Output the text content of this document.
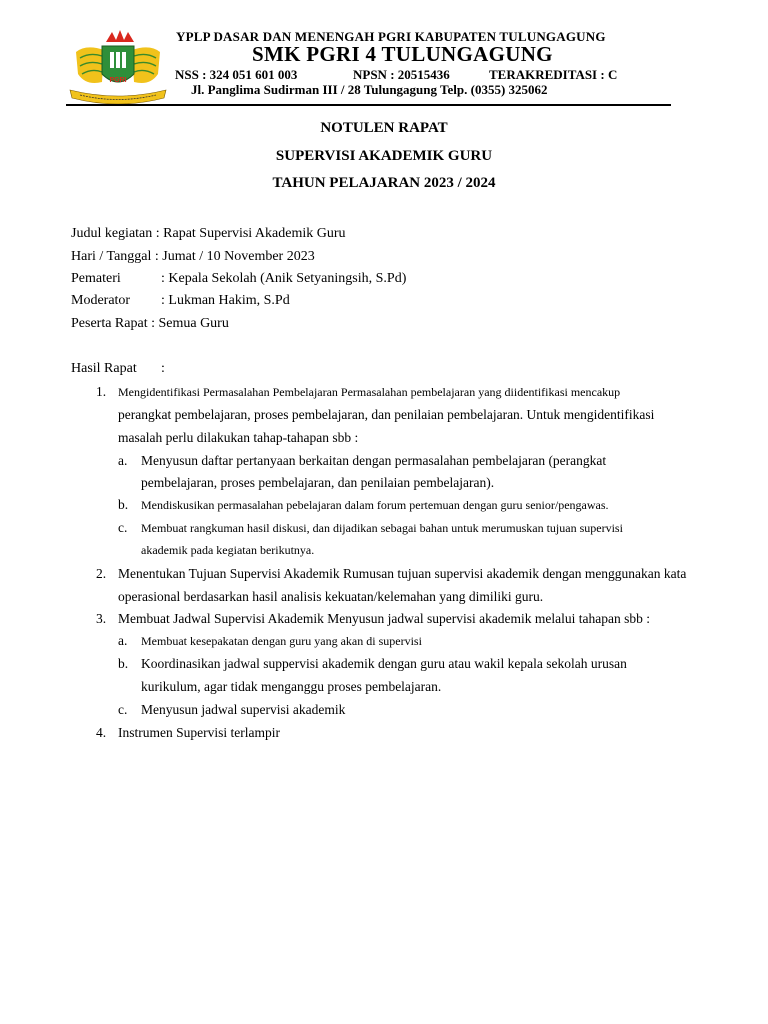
PGRI
YPLP DASAR DAN MENENGAH PGRI KABUPATEN TULUNGAGUNG
SMK PGRI 4 TULUNGAGUNG
NSS : 324 051 601 003	NPSN : 20515436	TERAKREDITASI : C
Jl. Panglima Sudirman III / 28 Tulungagung Telp. (0355) 325062
NOTULEN RAPAT
SUPERVISI AKADEMIK GURU
TAHUN PELAJARAN 2023 / 2024
Judul kegiatan : Rapat Supervisi Akademik Guru
Hari / Tanggal : Jumat / 10 November 2023
Pemateri	: Kepala Sekolah (Anik Setyaningsih, S.Pd)
Moderator : Lukman Hakim, S.Pd
Peserta Rapat : Semua Guru
Hasil Rapat :
1. Mengidentifikasi Permasalahan Pembelajaran Permasalahan pembelajaran yang diidentifikasi mencakup
perangkat pembelajaran, proses pembelajaran, dan penilaian pembelajaran. Untuk mengidentifikasi
masalah perlu dilakukan tahap-tahapan sbb :
a. Menyusun daftar pertanyaan berkaitan dengan permasalahan pembelajaran (perangkat
pembelajaran, proses pembelajaran, dan penilaian pembelajaran).
b. Mendiskusikan permasalahan pebelajaran dalam forum pertemuan dengan guru senior/pengawas.
c. Membuat rangkuman hasil diskusi, dan dijadikan sebagai bahan untuk merumuskan tujuan supervisi
akademik pada kegiatan berikutnya.
2. Menentukan Tujuan Supervisi Akademik Rumusan tujuan supervisi akademik dengan menggunakan kata
operasional berdasarkan hasil analisis kekuatan/kelemahan yang dimiliki guru.
3. Membuat Jadwal Supervisi Akademik Menyusun jadwal supervisi akademik melalui tahapan sbb :
a. Membuat kesepakatan dengan guru yang akan di supervisi
b. Koordinasikan jadwal suppervisi akademik dengan guru atau wakil kepala sekolah urusan
kurikulum, agar tidak menganggu proses pembelajaran.
c. Menyusun jadwal supervisi akademik
4. Instrumen Supervisi terlampir
